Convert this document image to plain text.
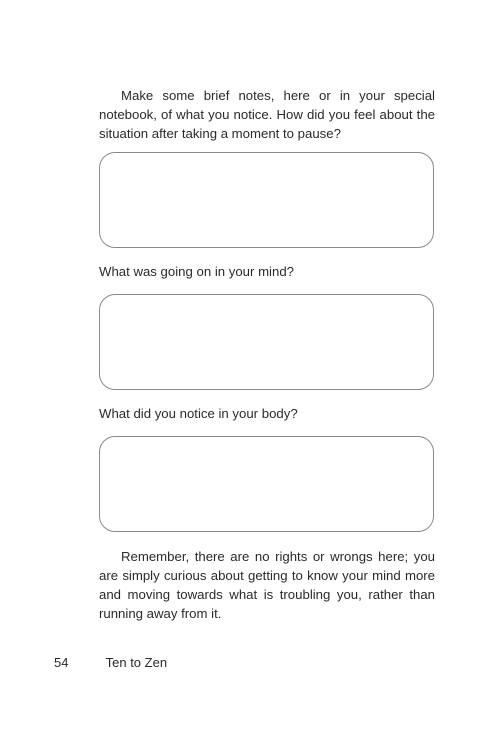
Make some brief notes, here or in your special notebook, of what you notice. How did you feel about the situation after taking a moment to pause?

What was going on in your mind?

What did you notice in your body?

Remember, there are no rights or wrongs here; you are simply curious about getting to know your mind more and moving towards what is troubling you, rather than running away from it.

54	Ten to Zen
